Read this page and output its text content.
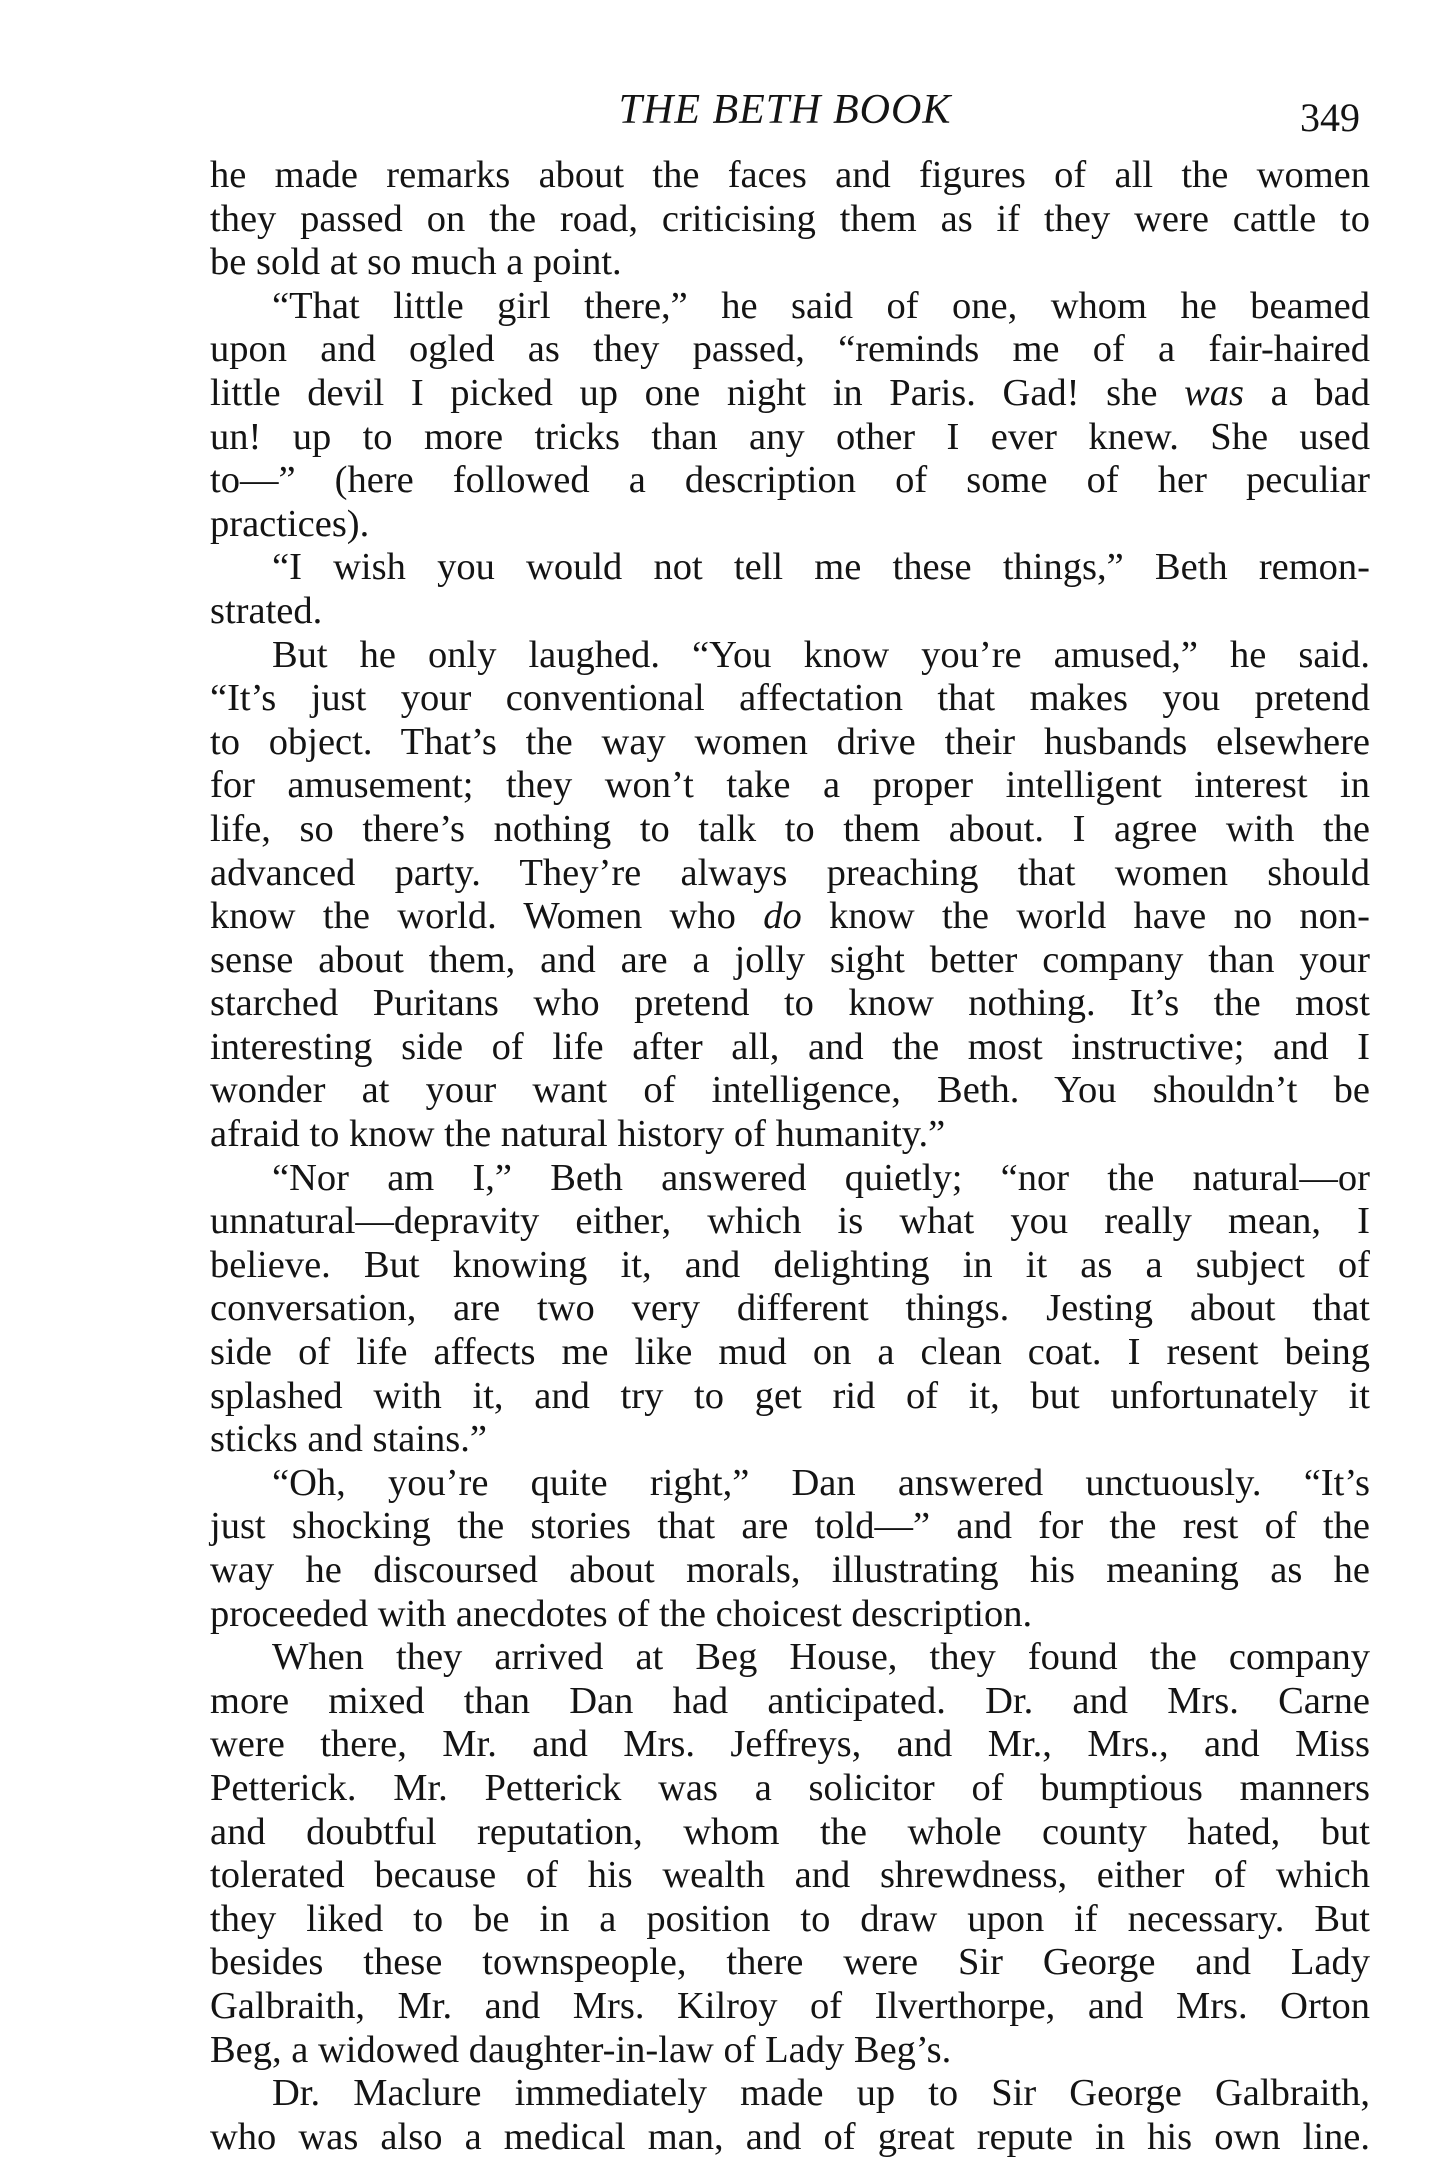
THE BETH BOOK	349
he made remarks about the faces and figures of all the women
they passed on the road, criticising them as if they were cattle to
be sold at so much a point.
“That little girl there,” he said of one, whom he beamed
upon and ogled as they passed, “reminds me of a fair-haired
little devil I picked up one night in Paris. Gad! she was a bad
un! up to more tricks than any other I ever knew. She used
to—” (here followed a description of some of her peculiar
practices).
“I wish you would not tell me these things,” Beth remon-
strated.
But he only laughed. “You know you’re amused,” he said.
“It’s just your conventional affectation that makes you pretend
to object. That’s the way women drive their husbands elsewhere
for amusement; they won’t take a proper intelligent interest in
life, so there’s nothing to talk to them about. I agree with the
advanced party. They’re always preaching that women should
know the world. Women who do know the world have no non-
sense about them, and are a jolly sight better company than your
starched Puritans who pretend to know nothing. It’s the most
interesting side of life after all, and the most instructive; and I
wonder at your want of intelligence, Beth. You shouldn’t be
afraid to know the natural history of humanity.”
“Nor am I,” Beth answered quietly; “nor the natural—or
unnatural—depravity either, which is what you really mean, I
believe. But knowing it, and delighting in it as a subject of
conversation, are two very different things. Jesting about that
side of life affects me like mud on a clean coat. I resent being
splashed with it, and try to get rid of it, but unfortunately it
sticks and stains.”
“Oh, you’re quite right,” Dan answered unctuously. “It’s
just shocking the stories that are told—” and for the rest of the
way he discoursed about morals, illustrating his meaning as he
proceeded with anecdotes of the choicest description.
When they arrived at Beg House, they found the company
more mixed than Dan had anticipated. Dr. and Mrs. Carne
were there, Mr. and Mrs. Jeffreys, and Mr., Mrs., and Miss
Petterick. Mr. Petterick was a solicitor of bumptious manners
and doubtful reputation, whom the whole county hated, but
tolerated because of his wealth and shrewdness, either of which
they liked to be in a position to draw upon if necessary. But
besides these townspeople, there were Sir George and Lady
Galbraith, Mr. and Mrs. Kilroy of Ilverthorpe, and Mrs. Orton
Beg, a widowed daughter-in-law of Lady Beg’s.
Dr. Maclure immediately made up to Sir George Galbraith,
who was also a medical man, and of great repute in his own line.
